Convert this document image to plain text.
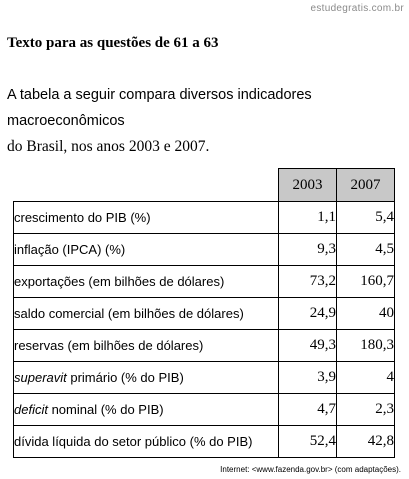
estudegratis.com.br
Texto para as questões de 61 a 63
A tabela a seguir compara diversos indicadores macroeconômicos
do Brasil, nos anos 2003 e 2007.
	2003	2007
crescimento do PIB (%)	1,1	5,4
inflação (IPCA) (%)	9,3	4,5
exportações (em bilhões de dólares)	73,2	160,7
saldo comercial (em bilhões de dólares)	24,9	40
reservas (em bilhões de dólares)	49,3	180,3
superavit primário (% do PIB)	3,9	4
deficit nominal (% do PIB)	4,7	2,3
dívida líquida do setor público (% do PIB)	52,4	42,8
Internet: <www.fazenda.gov.br> (com adaptações).
